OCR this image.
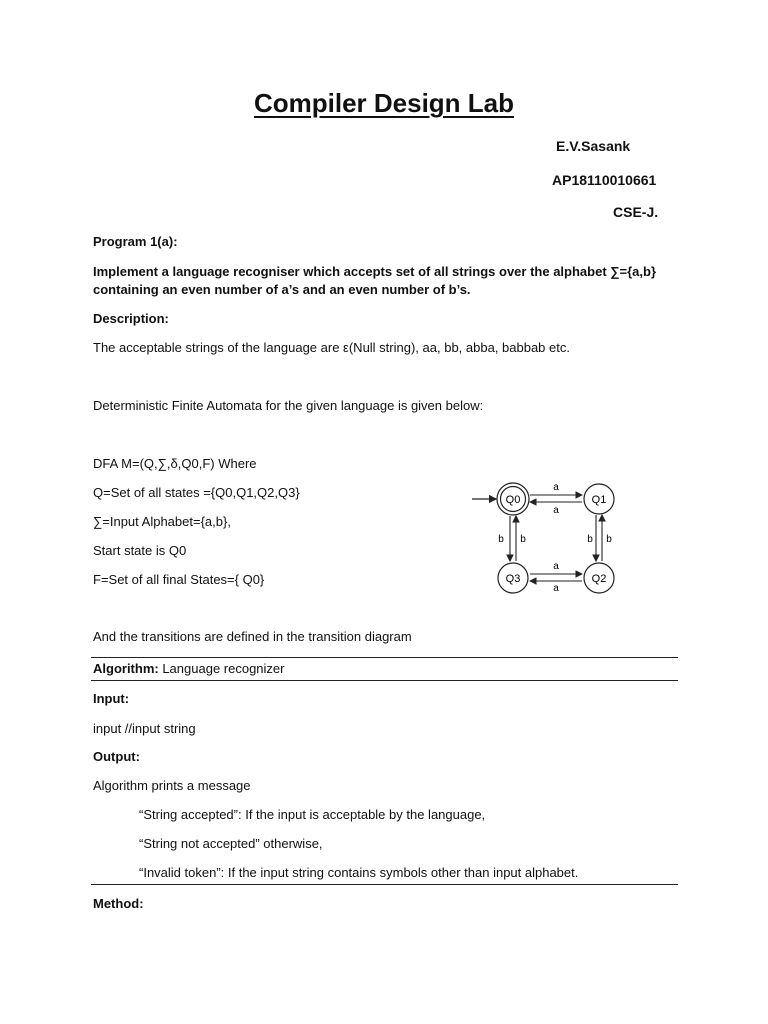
Compiler Design Lab
E.V.Sasank
AP18110010661
CSE-J.
Program 1(a):
Implement a language recogniser which accepts set of all strings over the alphabet ∑={a,b}
containing an even number of a’s and an even number of b’s.
Description:
The acceptable strings of the language are ε(Null string), aa, bb, abba, babbab etc.
Deterministic Finite Automata for the given language is given below:
DFA M=(Q,∑,δ,Q0,F) Where
Q=Set of all states ={Q0,Q1,Q2,Q3}
∑=Input Alphabet={a,b},
Start state is Q0
F=Set of all final States={ Q0}
Q0	Q1
Q2
Q3
a
a
a
a
b b	b b
And the transitions are defined in the transition diagram
Algorithm: Language recognizer
Input:
input //input string
Output:
Algorithm prints a message
“String accepted”: If the input is acceptable by the language,
“String not accepted” otherwise,
“Invalid token”: If the input string contains symbols other than input alphabet.
Method:
